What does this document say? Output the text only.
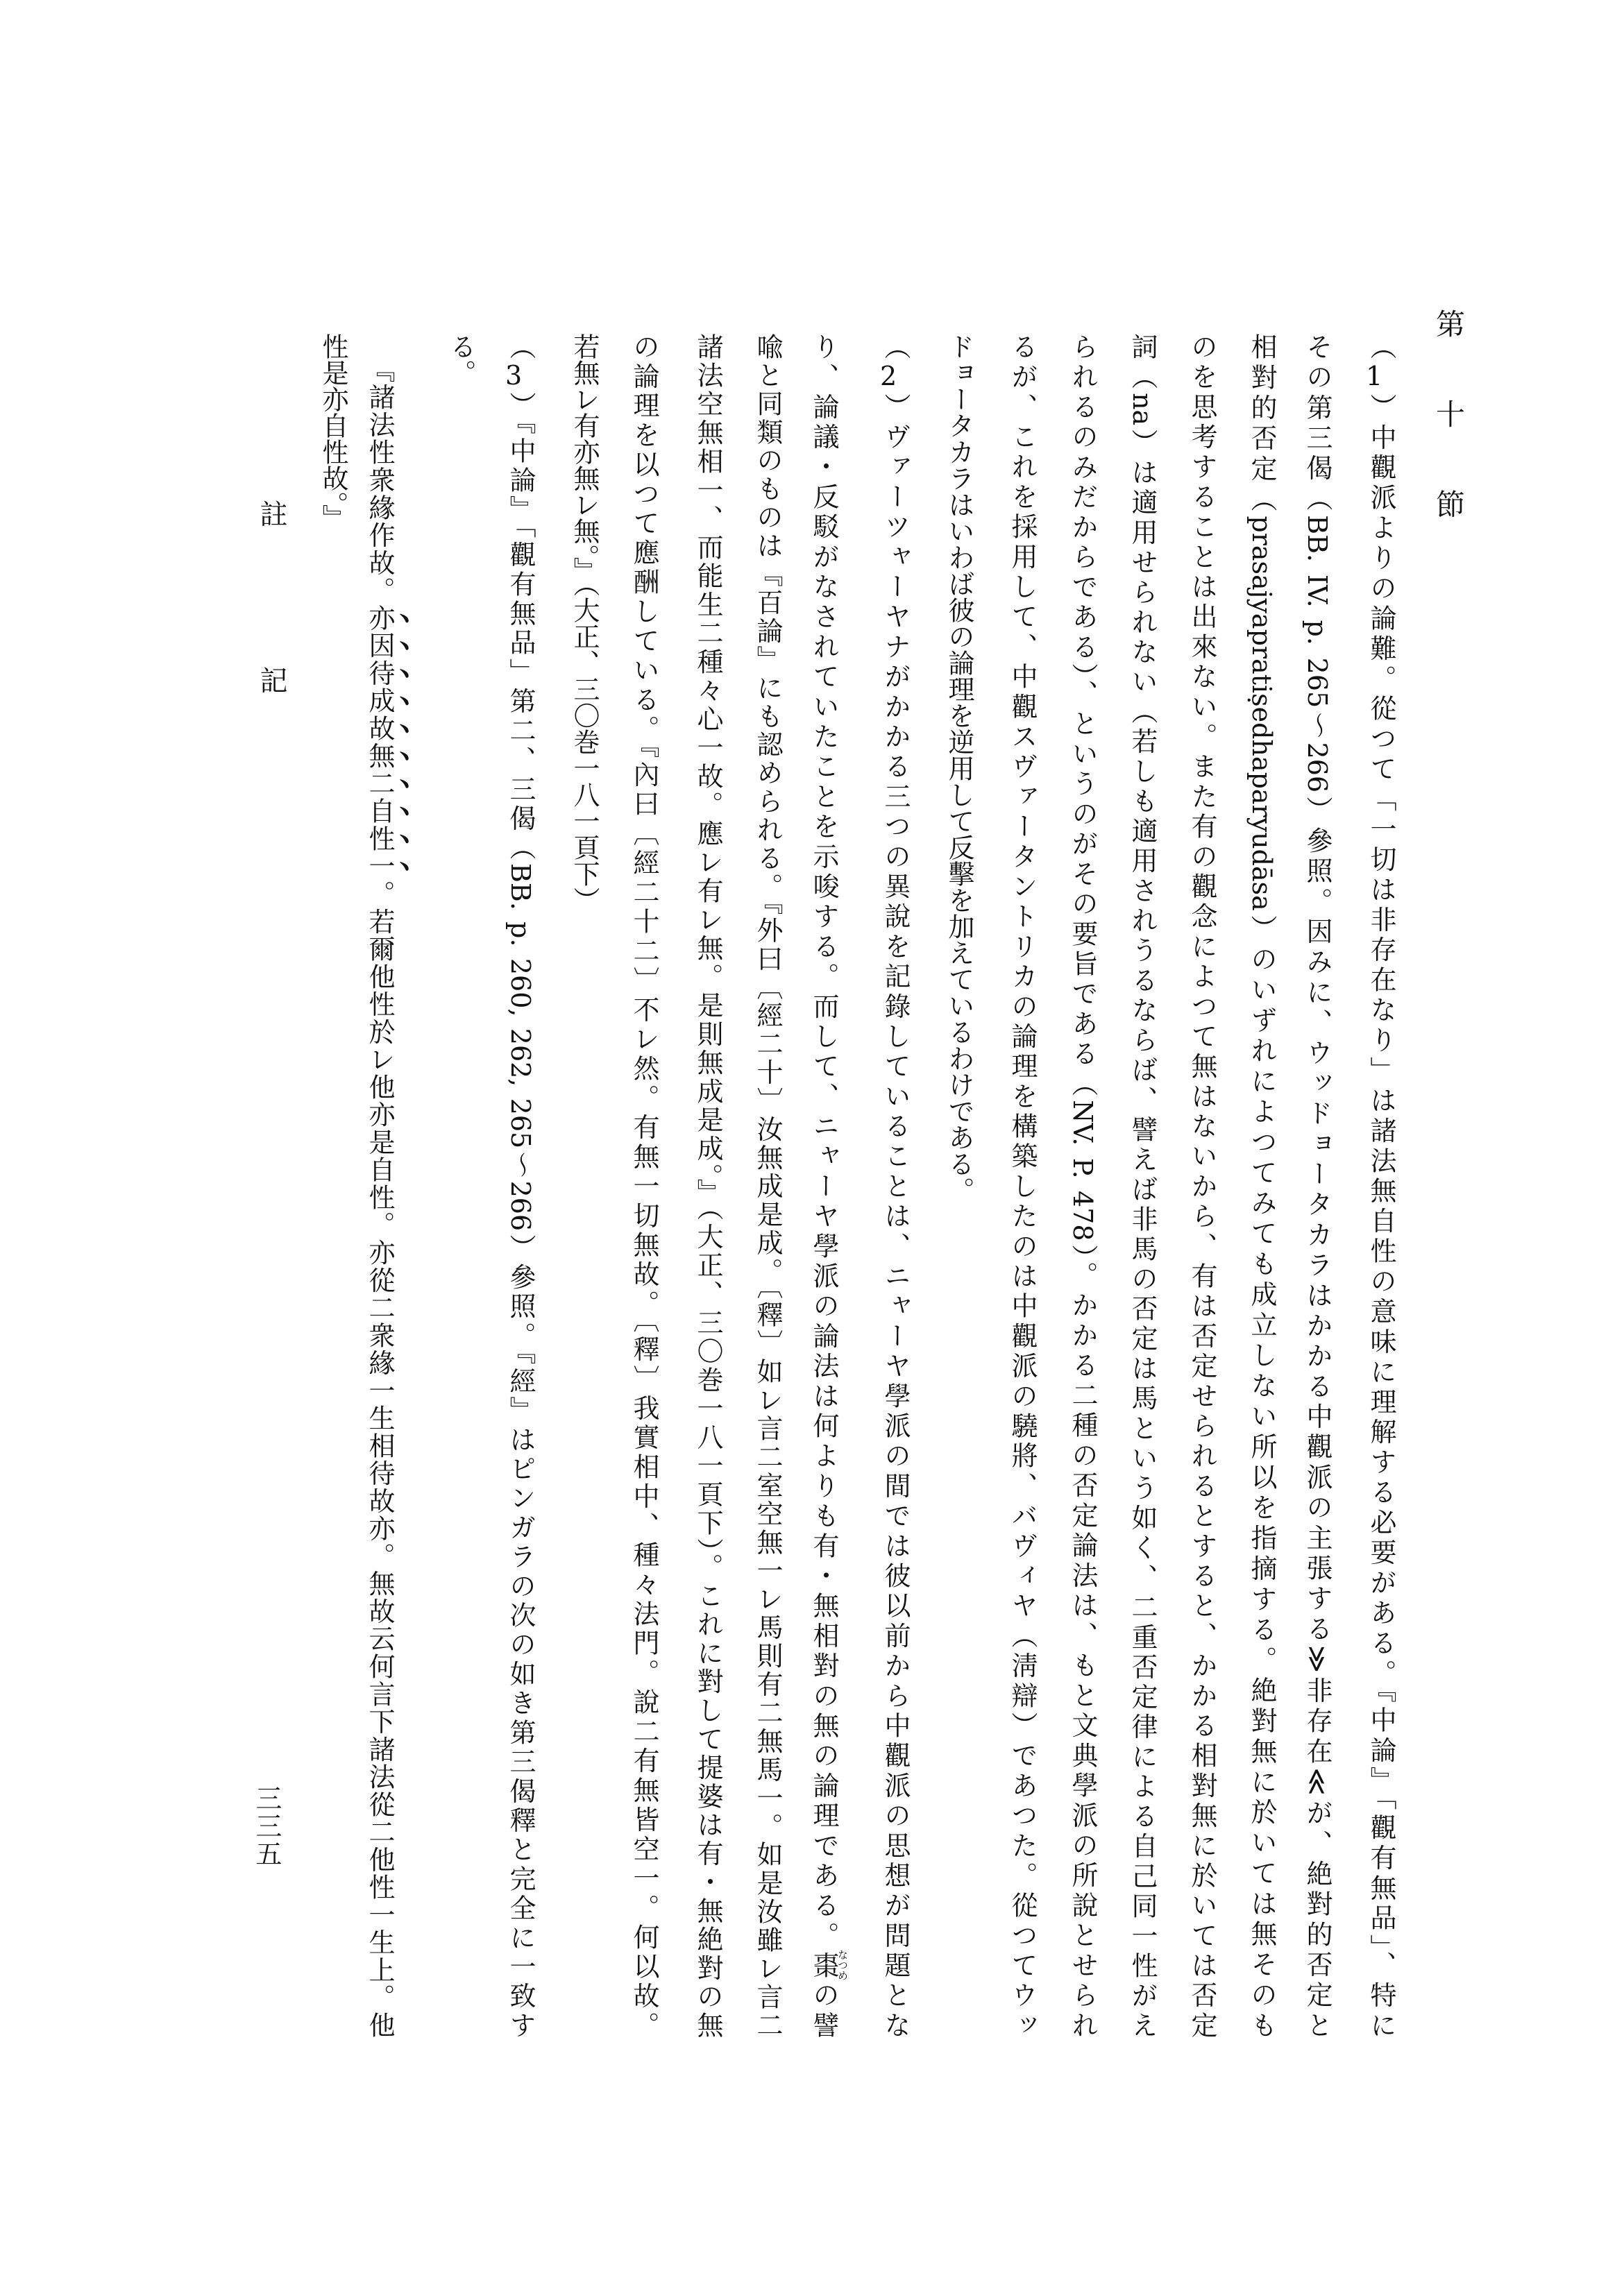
第十節
（1）中觀派よりの論難。從つて「一切は非存在なり」は諸法無自性の意味に理解する必要がある。『中論』「觀有無品」、特に
その第三偈（BB. IV. p. 265～266）參照。因みに、ウッドョータカラはかかる中觀派の主張する≫非存在≪が、絶對的否定と
相對的否定（prasajyapratiṣedhaparyudāsa）のいずれによつてみても成立しない所以を指摘する。絶對無に於いては無そのも
のを思考することは出來ない。また有の觀念によつて無はないから、有は否定せられるとすると、かかる相對無に於いては否定
詞（na）は適用せられない（若しも適用されうるならば、譬えば非馬の否定は馬という如く、二重否定律による自己同一性がえ
られるのみだからである）、というのがその要旨である（NV. P. 478）。かかる二種の否定論法は、もと文典學派の所說とせられ
るが、これを採用して、中觀スヴァータントリカの論理を構築したのは中觀派の驍將、バヴィヤ（淸辯）であつた。從つてウッ
ドョータカラはいわば彼の論理を逆用して反擊を加えているわけである。
（2）ヴァーツャーヤナがかかる三つの異說を記錄していることは、ニャーヤ學派の間では彼以前から中觀派の思想が問題とな
り、論議・反駁がなされていたことを示唆する。而して、ニャーヤ學派の論法は何よりも有・無相對の無の論理である。棗なつめの譬
喩と同類のものは『百論』にも認められる。『外曰〔經二十〕汝無成是成。〔釋〕如レ言二室空無一レ馬則有二無馬一。如是汝雖レ言二
諸法空無相一、而能生二種々心一故。應レ有レ無。是則無成是成。』（大正、三〇巻一八一頁下）。これに對して提婆は有・無絶對の無
の論理を以つて應酬している。『內曰〔經二十二〕不レ然。有無一切無故。〔釋〕我實相中、種々法門。說二有無皆空一。何以故。
若無レ有亦無レ無。』（大正、三〇巻一八一頁下）
（3）『中論』「觀有無品」第二、三偈（BB. p. 260, 262, 265～266）參照。『經』はピンガラの次の如き第三偈釋と完全に一致す
る。
『諸法性衆緣作故。亦因待成故無二自性一。若爾他性於レ他亦是自性。亦從二衆緣一生相待故亦。無故云何言下諸法從二他性一生上。他
性是亦自性故。』
註記
三三五
